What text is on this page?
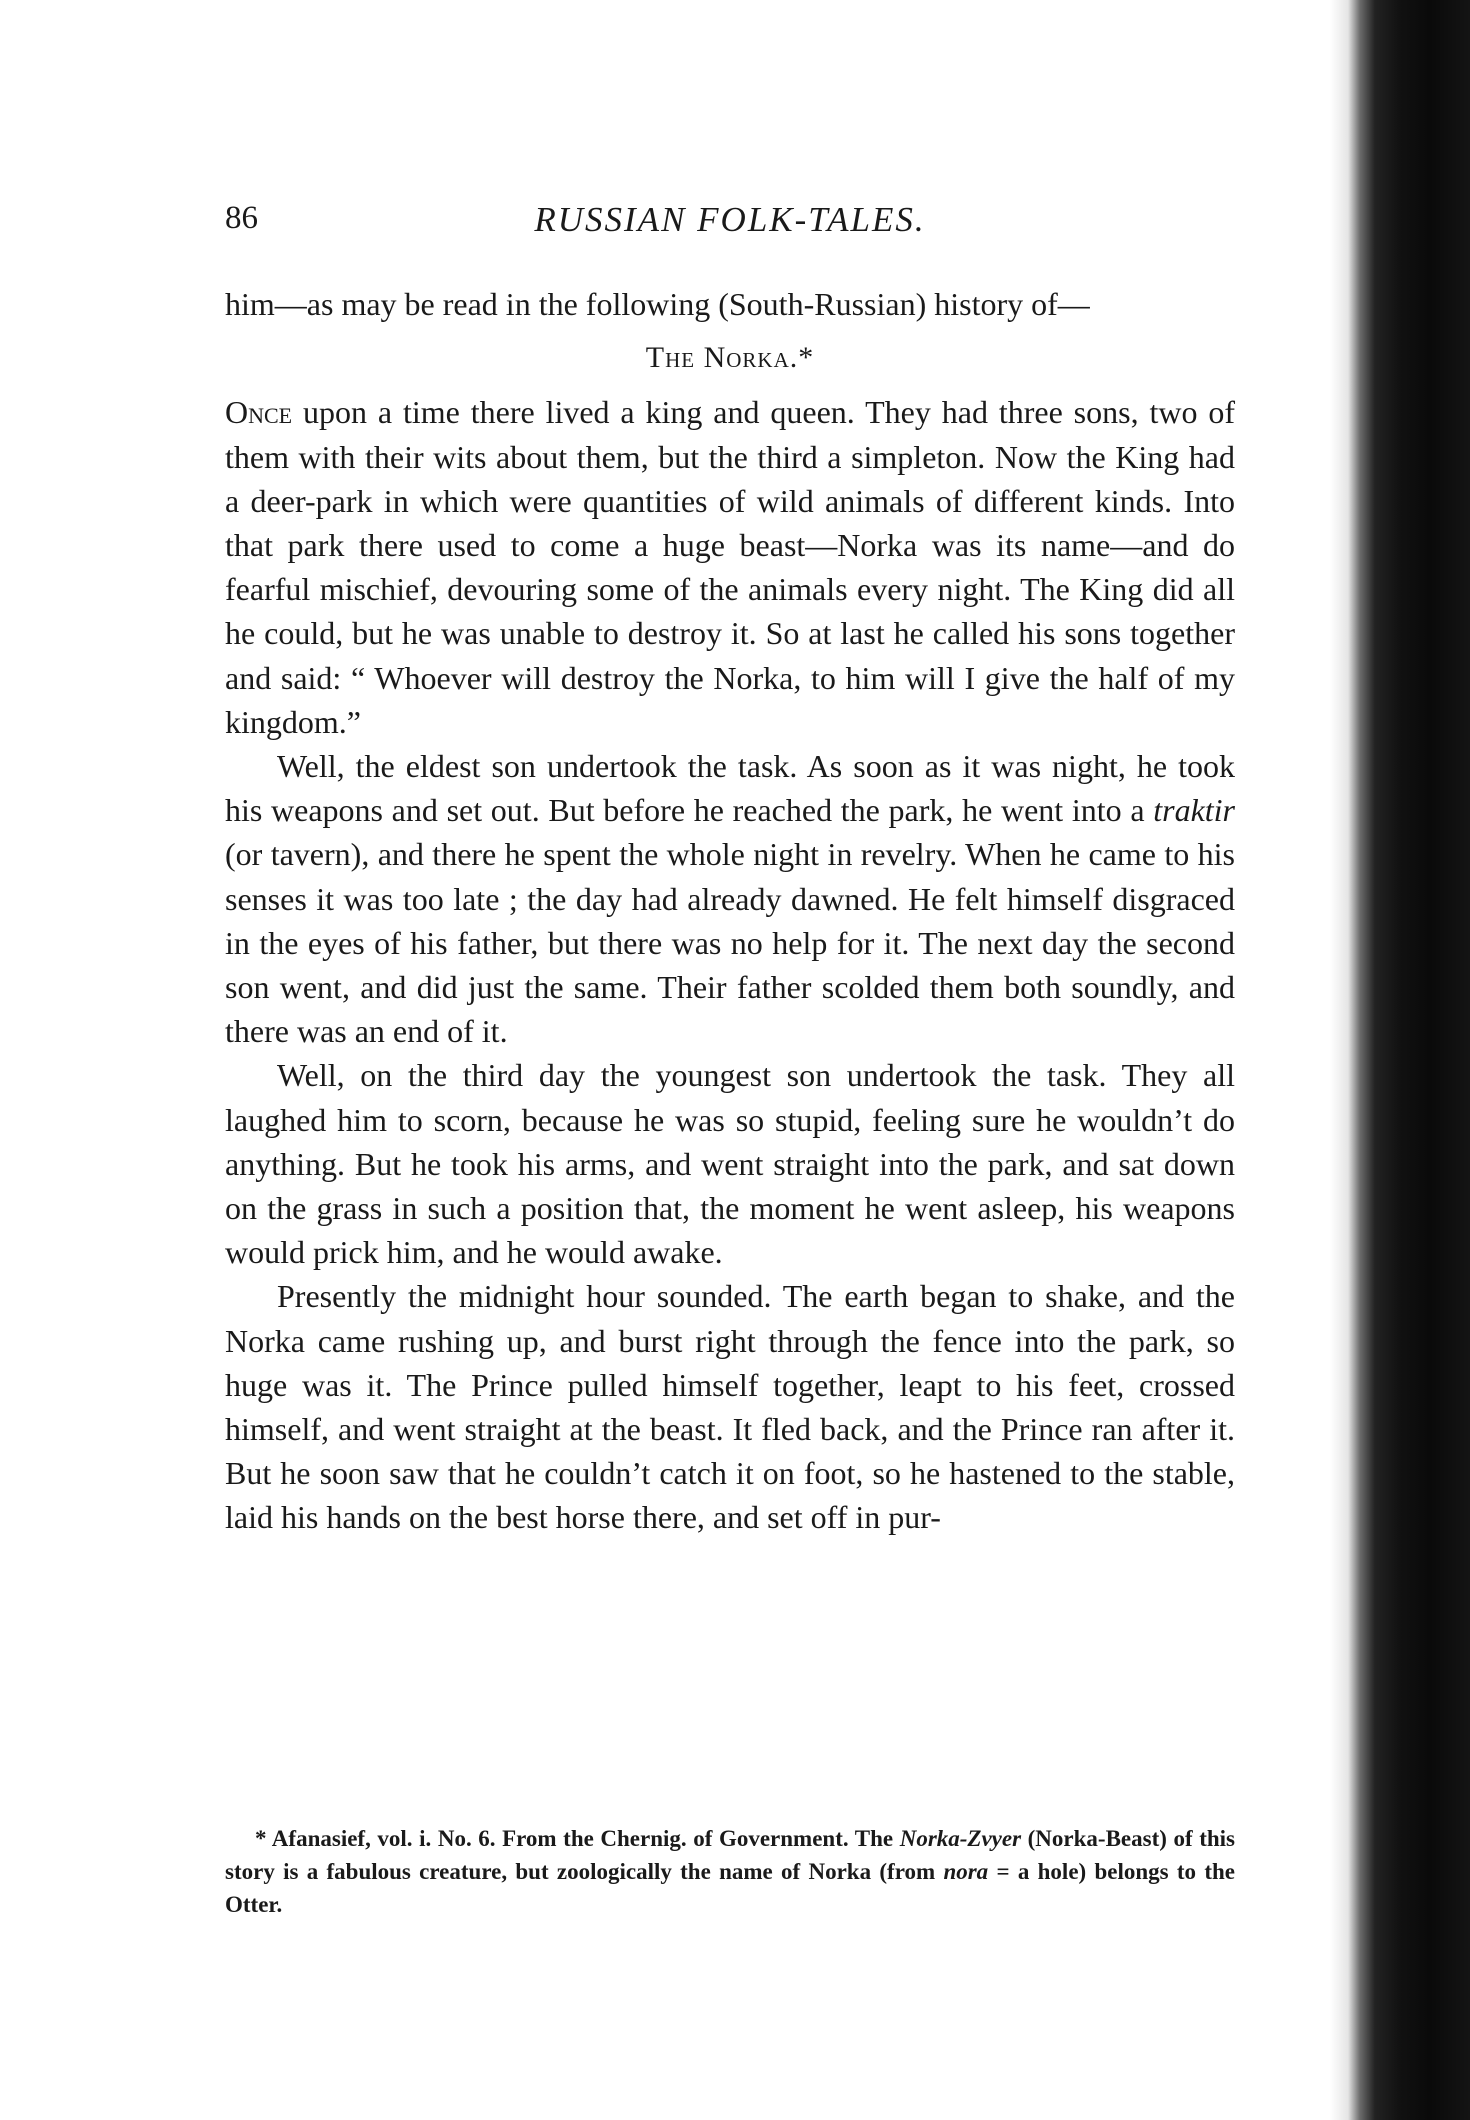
86	RUSSIAN FOLK-TALES.

him—as may be read in the following (South-Russian) history of—

The Norka.*

Once upon a time there lived a king and queen. They had three sons, two of them with their wits about them, but the third a simpleton. Now the King had a deer-park in which were quantities of wild animals of different kinds. Into that park there used to come a huge beast—Norka was its name—and do fearful mischief, devouring some of the animals every night. The King did all he could, but he was unable to destroy it. So at last he called his sons together and said: “ Whoever will destroy the Norka, to him will I give the half of my kingdom.”

Well, the eldest son undertook the task. As soon as it was night, he took his weapons and set out. But before he reached the park, he went into a traktir (or tavern), and there he spent the whole night in revelry. When he came to his senses it was too late ; the day had already dawned. He felt himself disgraced in the eyes of his father, but there was no help for it. The next day the second son went, and did just the same. Their father scolded them both soundly, and there was an end of it.

Well, on the third day the youngest son undertook the task. They all laughed him to scorn, because he was so stupid, feeling sure he wouldn’t do anything. But he took his arms, and went straight into the park, and sat down on the grass in such a position that, the moment he went asleep, his weapons would prick him, and he would awake.

Presently the midnight hour sounded. The earth began to shake, and the Norka came rushing up, and burst right through the fence into the park, so huge was it. The Prince pulled himself together, leapt to his feet, crossed himself, and went straight at the beast. It fled back, and the Prince ran after it. But he soon saw that he couldn’t catch it on foot, so he hastened to the stable, laid his hands on the best horse there, and set off in pur-

* Afanasief, vol. i. No. 6. From the Chernig. of Government. The Norka-Zvyer (Norka-Beast) of this story is a fabulous creature, but zoologically the name of Norka (from nora = a hole) belongs to the Otter.
